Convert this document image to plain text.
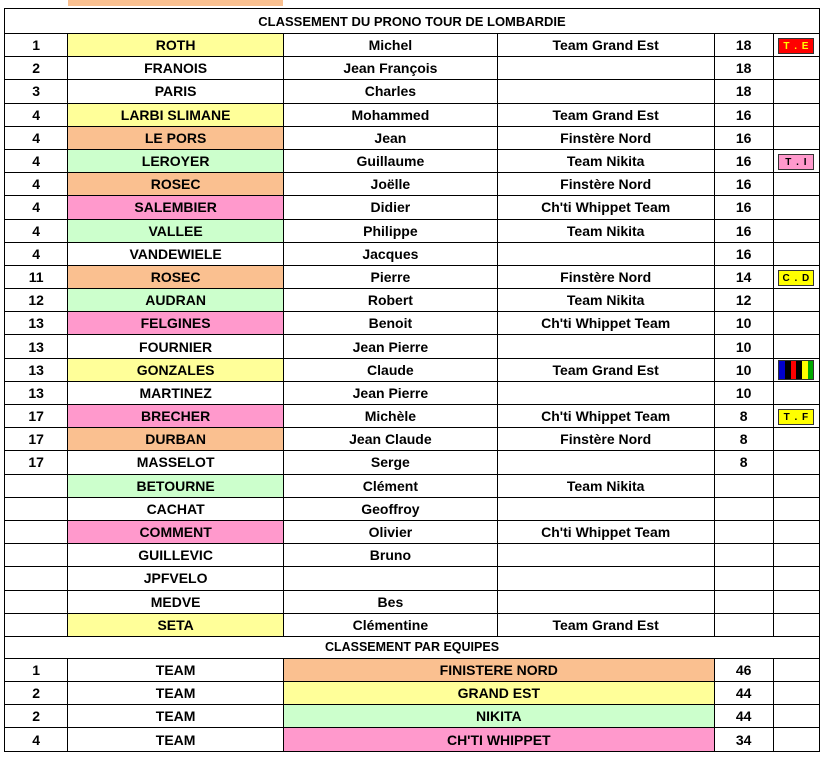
CLASSEMENT DU PRONO TOUR DE LOMBARDIE					
1	ROTH	Michel	Team Grand Est	18	T . E
2	FRANOIS	Jean François		18	
3	PARIS	Charles		18	
4	LARBI SLIMANE	Mohammed	Team Grand Est	16	
4	LE PORS	Jean	Finstère Nord	16	
4	LEROYER	Guillaume	Team Nikita	16	T . I
4	ROSEC	Joëlle	Finstère Nord	16	
4	SALEMBIER	Didier	Ch'ti Whippet Team	16	
4	VALLEE	Philippe	Team Nikita	16	
4	VANDEWIELE	Jacques		16	
11	ROSEC	Pierre	Finstère Nord	14	C . D
12	AUDRAN	Robert	Team Nikita	12	
13	FELGINES	Benoit	Ch'ti Whippet Team	10	
13	FOURNIER	Jean Pierre		10	
13	GONZALES	Claude	Team Grand Est	10	

13	MARTINEZ	Jean Pierre		10	
17	BRECHER	Michèle	Ch'ti Whippet Team	8	T . F
17	DURBAN	Jean Claude	Finstère Nord	8	
17	MASSELOT	Serge		8	
	BETOURNE	Clément	Team Nikita		
	CACHAT	Geoffroy			
	COMMENT	Olivier	Ch'ti Whippet Team		
	GUILLEVIC	Bruno			
	JPFVELO				
	MEDVE	Bes			
	SETA	Clémentine	Team Grand Est		
CLASSEMENT PAR EQUIPES					
1	TEAM	FINISTERE NORD		46	
2	TEAM	GRAND EST		44	
2	TEAM	NIKITA		44	
4	TEAM	CH'TI WHIPPET		34	
